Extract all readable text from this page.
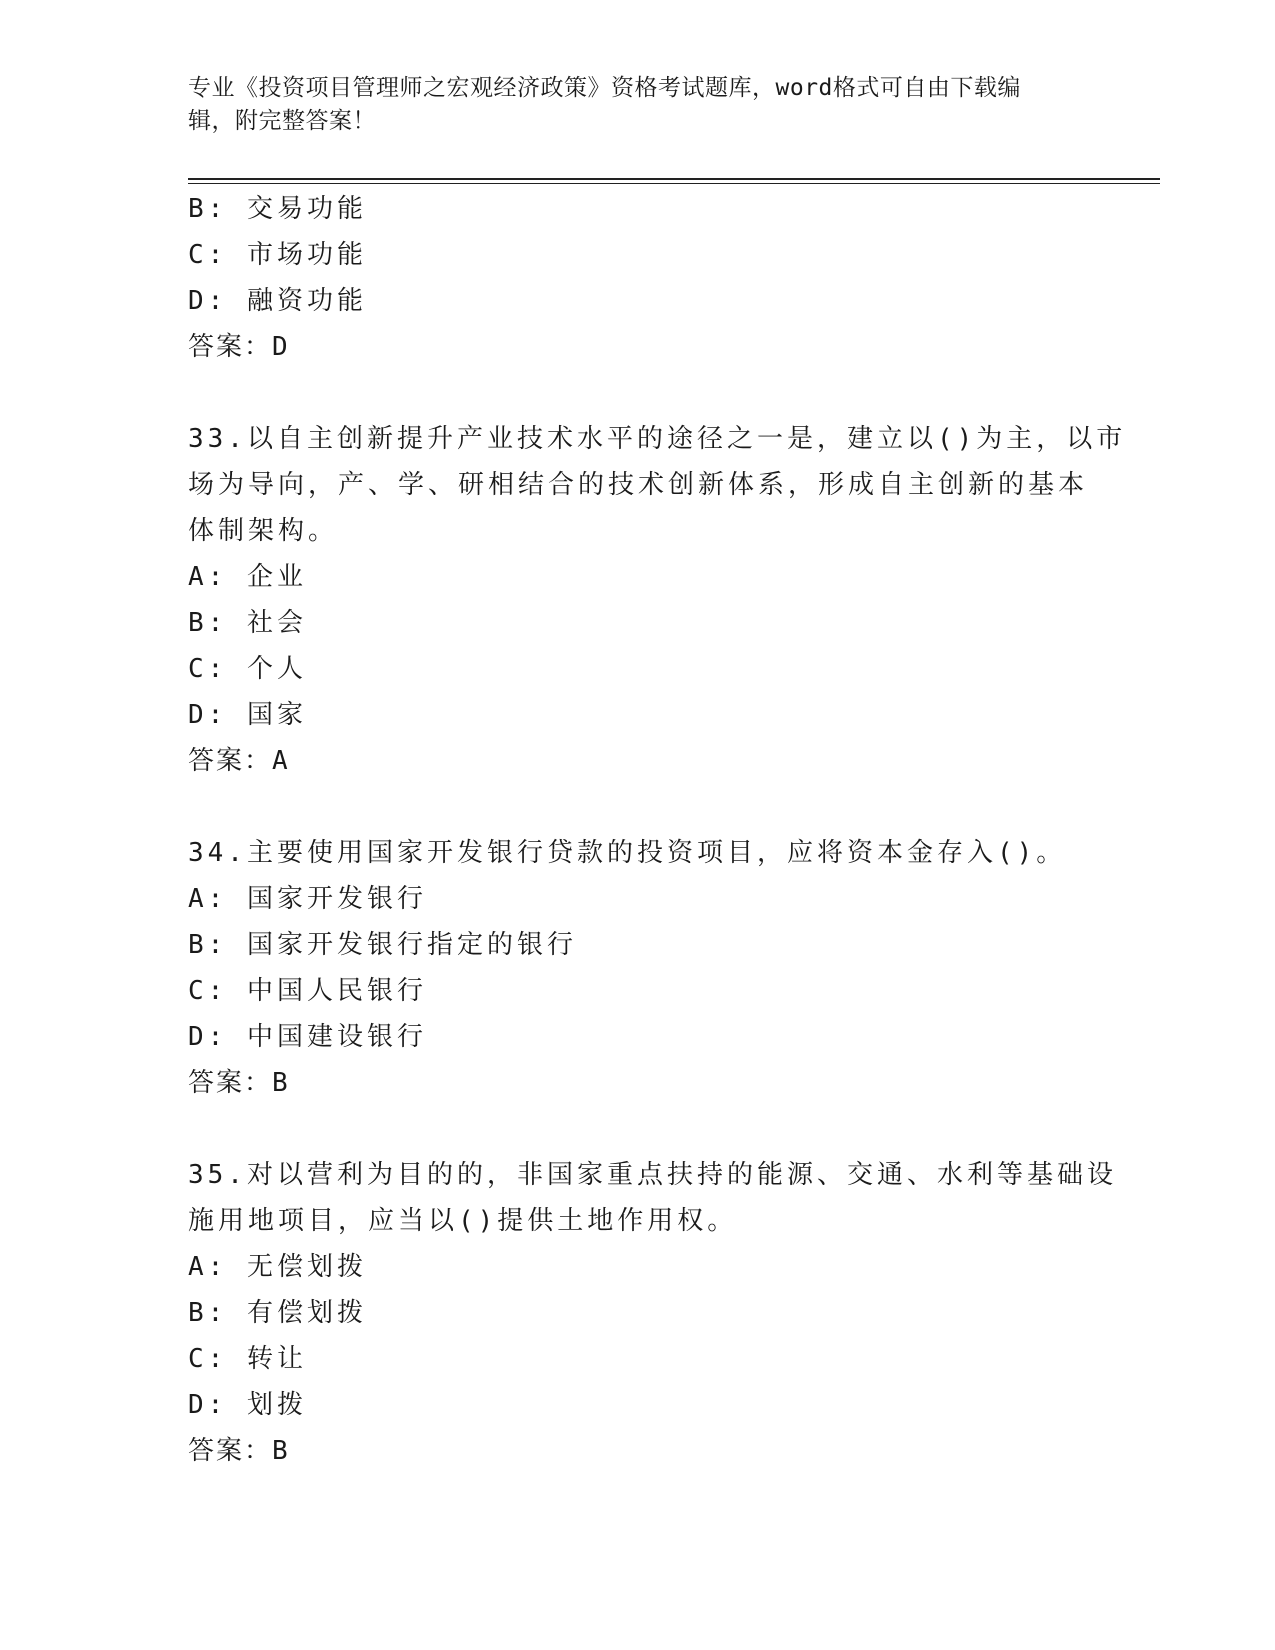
专业《投资项目管理师之宏观经济政策》资格考试题库，word格式可自由下载编
辑，附完整答案！
B: 交易功能
C: 市场功能
D: 融资功能
答案：D
33.以自主创新提升产业技术水平的途径之一是，建立以()为主，以市
场为导向，产、学、研相结合的技术创新体系，形成自主创新的基本
体制架构。
A: 企业
B: 社会
C: 个人
D: 国家
答案：A
34.主要使用国家开发银行贷款的投资项目，应将资本金存入()。
A: 国家开发银行
B: 国家开发银行指定的银行
C: 中国人民银行
D: 中国建设银行
答案：B
35.对以营利为目的的，非国家重点扶持的能源、交通、水利等基础设
施用地项目，应当以()提供土地作用权。
A: 无偿划拨
B: 有偿划拨
C: 转让
D: 划拨
答案：B
